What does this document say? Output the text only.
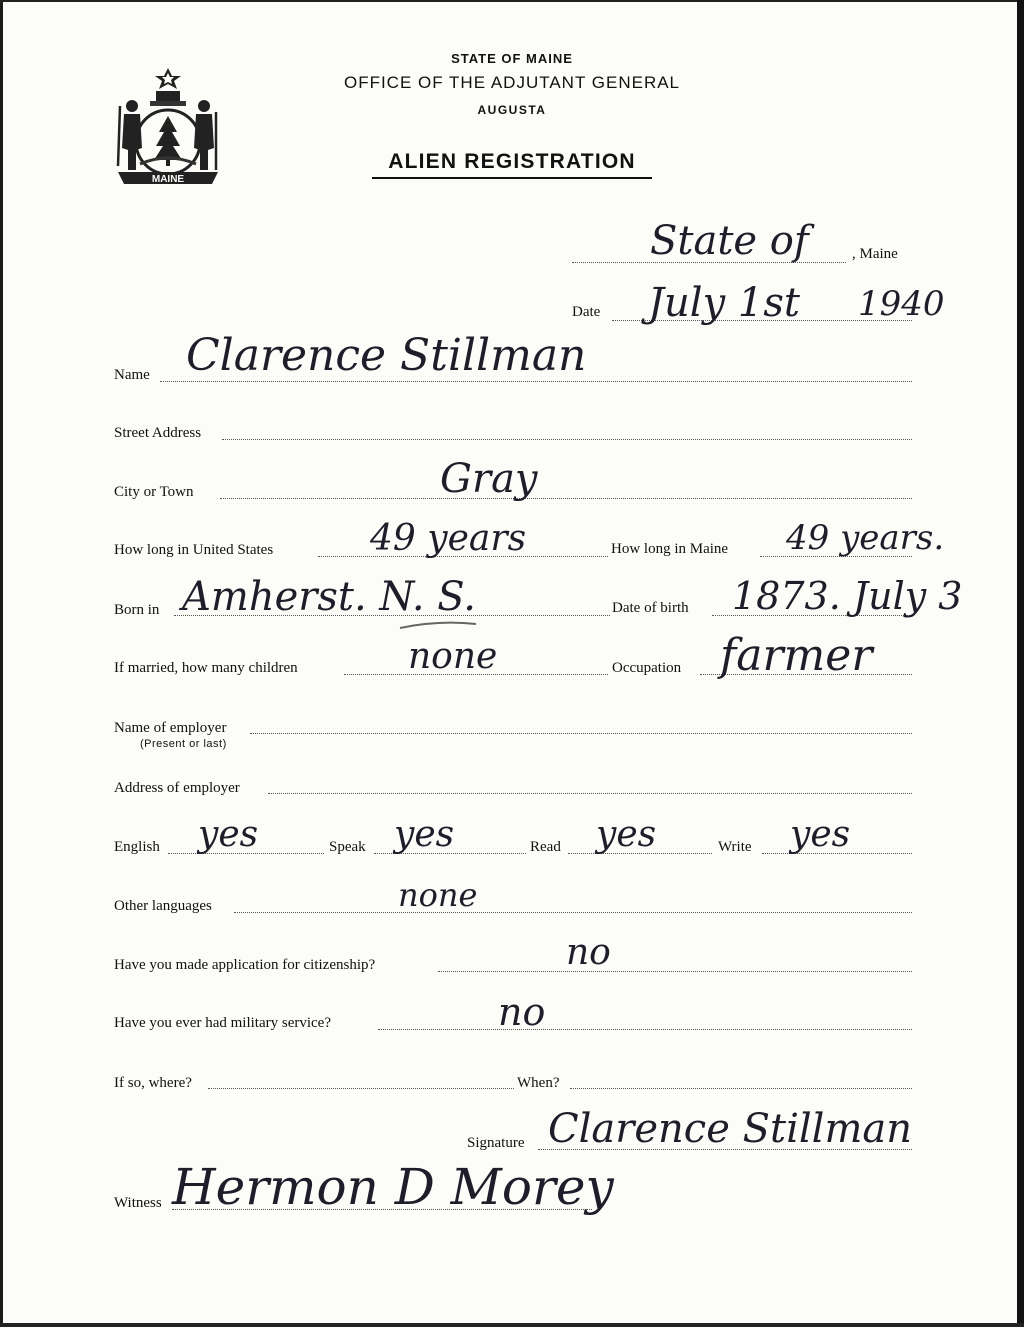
MAINE
STATE OF MAINE
OFFICE OF THE ADJUTANT GENERAL
AUGUSTA
ALIEN REGISTRATION
, Maine
State of
Date July 1st 1940
Name Clarence Stillman
Street Address
City or Town	Gray
How long in United States	49 years	How long in Maine 49 years.
Born in Amherst. N. S.	Date of birth 1873. July 3
If married, how many children	none	Occupation farmer
Name of employer
(Present or last)
Address of employer
English yes	Speak yes	Read yes	Write yes
Other languages	none
Have you made application for citizenship?	no
Have you ever had military service?	no
If so, where?	When?
Signature Clarence Stillman
Witness Hermon D Morey
